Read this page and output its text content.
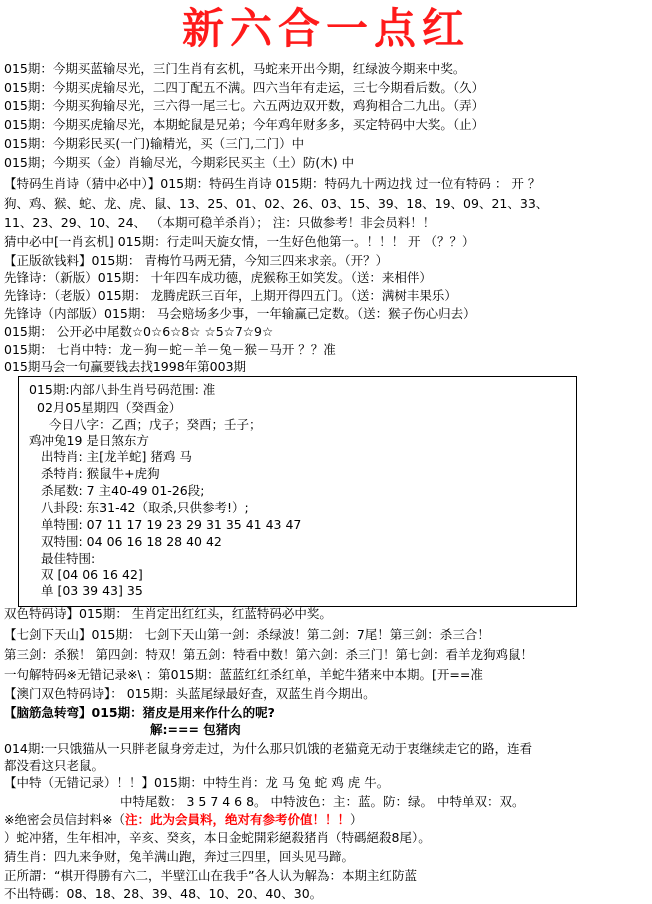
新六合一点红
015期：今期买蓝输尽光，三门生肖有玄机，马蛇来开出今期，红绿波今期来中奖。
015期：今期买虎输尽光，二四丁配五不满。四六当年有走运，三七今期看后数。（久）
015期：今期买狗输尽光，三六得一尾三七。六五两边双开数，鸡狗相合二九出。（弄）
015期：今期买虎输尽光，本期蛇鼠是兄弟；今年鸡年财多多，买定特码中大奖。（止）
015期：今期彩民买(一门)输精光，买（三门,二门）中
015期；今期买（金）肖输尽光，今期彩民买主（土）防(木) 中
【特码生肖诗（猜中必中）】015期：特码生肖诗 015期：特码九十两边找 过一位有特码 ： 开 ？
狗、鸡、猴、蛇、龙、虎、鼠、13、25、01、02、26、03、15、39、18、19、09、21、33、
11、23、29、10、24、 （本期可稳羊杀肖）； 注：只做参考！非会员料！！
猜中必中[一肖玄机] 015期：行走叫天旋女情，一生好色他第一。！！！ 开 （？？）
【正版欲钱料】015期： 青梅竹马两无猜，今知三四来求亲。（开？）
先锋诗：（新版）015期： 十年四车成功德，虎猴称王如笑发。（送：来相伴）
先锋诗：（老版）015期： 龙腾虎跃三百年，上期开得四五门。（送：满树丰果乐）
先锋诗（内部版）015期： 马会赔场多少事，一年输赢己定数。（送：猴子伤心归去）
015期： 公开必中尾数☆0☆6☆8☆ ☆5☆7☆9☆
015期： 七肖中特：龙－狗－蛇－羊－兔－猴－马开 ？？准
015期马会一句赢要钱去找1998年第003期
015期:内部八卦生肖号码范围: 准
02月05星期四（癸酉金）
今日八字：乙酉；戊子；癸酉；壬子；
鸡冲兔19 是日煞东方
出特肖: 主[龙羊蛇] 猪鸡 马
杀特肖: 猴鼠牛+虎狗
杀尾数: 7 主40-49 01-26段;
八卦段: 东31-42（取杀,只供参考!）;
单特围: 07 11 17 19 23 29 31 35 41 43 47
双特围: 04 06 16 18 28 40 42
最佳特围:
双 [04 06 16 42]
单 [03 39 43] 35
双色特码诗】015期： 生肖定出红红头，红蓝特码必中奖。
【七剑下天山】015期： 七剑下天山第一剑：杀绿波！第二剑：7尾！第三剑：杀三合！
第三剑：杀猴！ 第四剑：特双！第五剑：特看中数！第六剑：杀三门！第七剑：看羊龙狗鸡鼠！
一句解特码※无错记录※\ ：第015期：蓝蓝红红杀红单，羊蛇牛猪来中本期。[开==准
【澳门双色特码诗】： 015期：头蓝尾绿最好查，双蓝生肖今期出。
【脑筋急转弯】015期：猪皮是用来作什么的呢?
解:=== 包猪肉
014期:一只饿猫从一只胖老鼠身旁走过，为什么那只饥饿的老猫竟无动于衷继续走它的路，连看
都没看这只老鼠。
【中特（无错记录）！！】015期：中特生肖：龙 马 兔 蛇 鸡 虎 牛。
中特尾数： 3 5 7 4 6 8。 中特波色：主：蓝。防：绿。 中特单双：双。
※绝密会员信封料※（注：此为会員料，绝对有参考价值！！！）
）蛇冲猪，生年相冲，辛亥、癸亥，本日金蛇開彩絕殺猪肖（特碼絕殺8尾）。
猜生肖：四九来争财，兔羊满山跑，奔过三四里，回头见马蹄。
正所謂：“棋开得勝有六二，半壁江山在我手”各人认为解為：本期主红防蓝
不出特碼：08、18、28、39、48、10、20、40、30。
